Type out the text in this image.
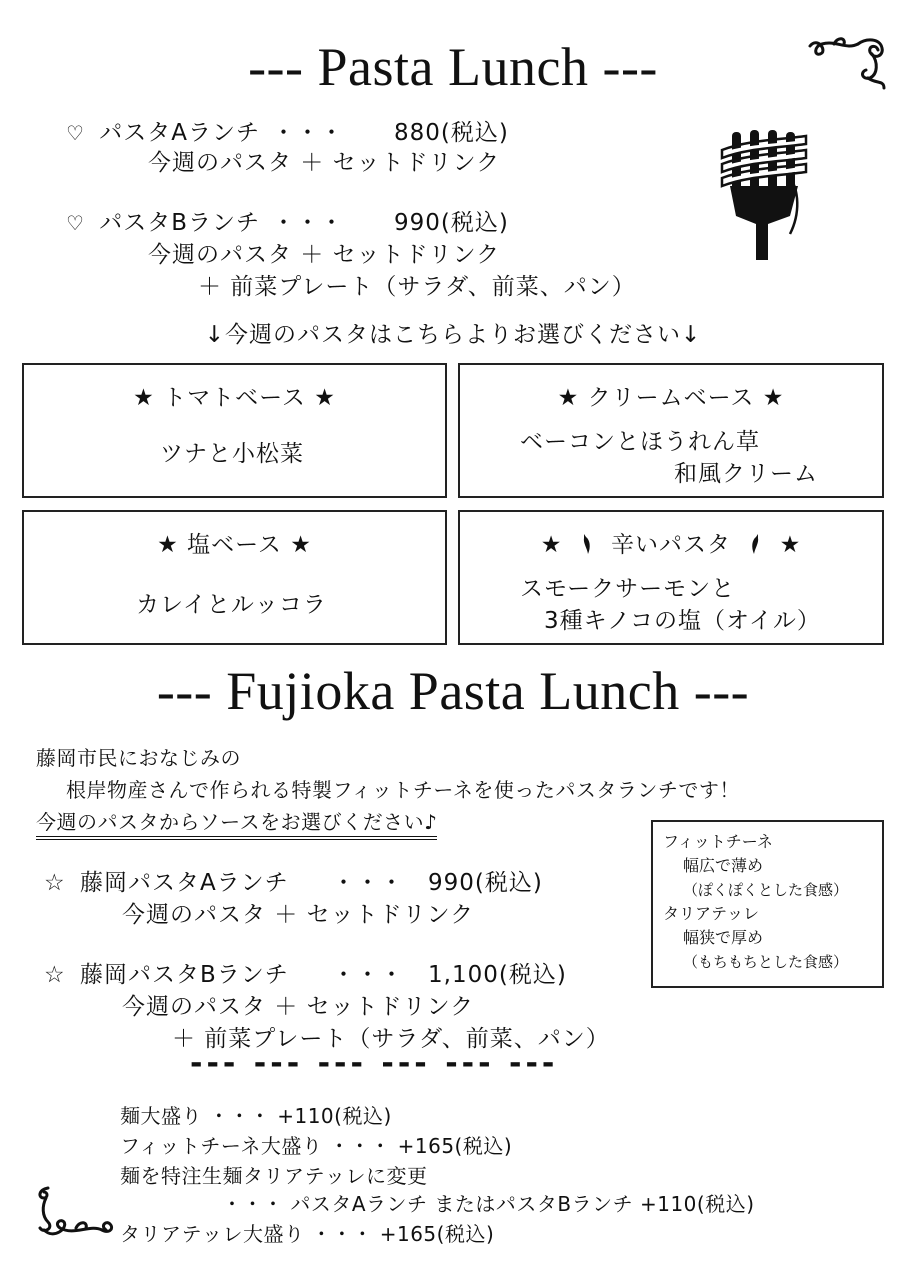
--- Pasta Lunch ---
♡ パスタAランチ ・・・ 880(税込)
今週のパスタ ＋ セットドリンク
♡ パスタBランチ ・・・ 990(税込)
今週のパスタ ＋ セットドリンク
＋ 前菜プレート（サラダ、前菜、パン）
↓今週のパスタはこちらよりお選びください↓
★ トマトベース ★
ツナと小松菜
★ クリームベース ★
ベーコンとほうれん草
和風クリーム
★ 塩ベース ★
カレイとルッコラ
★ 辛いパスタ ★
スモークサーモンと
3種キノコの塩（オイル）
--- Fujioka Pasta Lunch ---
藤岡市民におなじみの
根岸物産さんで作られる特製フィットチーネを使ったパスタランチです！
今週のパスタからソースをお選びください♪
フィットチーネ
幅広で薄め
（ぽくぽくとした食感）
タリアテッレ
幅狭で厚め
（もちもちとした食感）
☆ 藤岡パスタAランチ ・・・ 990(税込)
今週のパスタ ＋ セットドリンク
☆ 藤岡パスタBランチ ・・・ 1,100(税込)
今週のパスタ ＋ セットドリンク
＋ 前菜プレート（サラダ、前菜、パン）
--- --- --- --- --- ---
麺大盛り ・・・ +110(税込)
フィットチーネ大盛り ・・・ +165(税込)
麺を特注生麺タリアテッレに変更
・・・ パスタAランチ またはパスタBランチ +110(税込)
タリアテッレ大盛り ・・・ +165(税込)
